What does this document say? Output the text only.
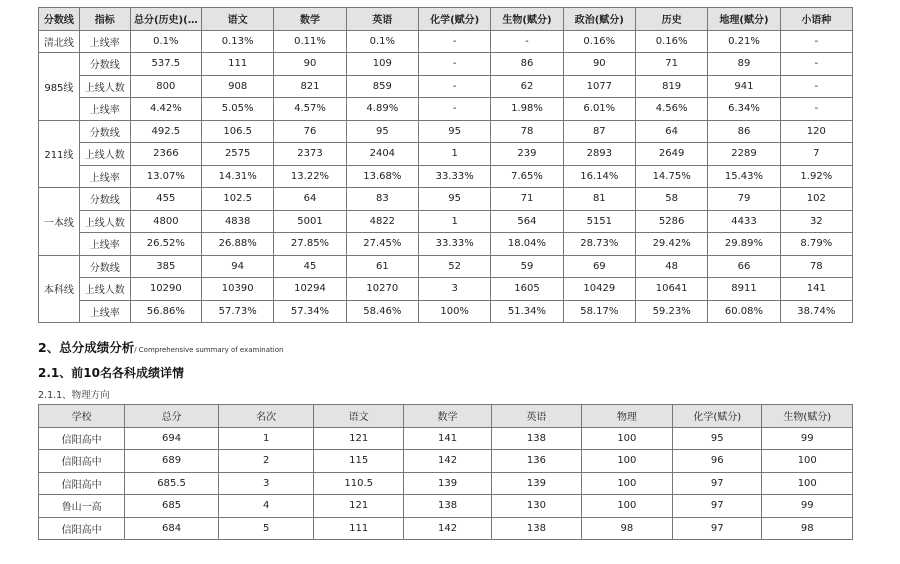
分数线	指标	总分(历史)(…	语文	数学	英语	化学(赋分)	生物(赋分)	政治(赋分)	历史	地理(赋分)	小语种
清北线	上线率	0.1%	0.13%	0.11%	0.1%	-	-	0.16%	0.16%	0.21%	-
985线	分数线	537.5	111	90	109	-	86	90	71	89	-
	上线人数	800	908	821	859	-	62	1077	819	941	-
	上线率	4.42%	5.05%	4.57%	4.89%	-	1.98%	6.01%	4.56%	6.34%	-
211线	分数线	492.5	106.5	76	95	95	78	87	64	86	120
	上线人数	2366	2575	2373	2404	1	239	2893	2649	2289	7
	上线率	13.07%	14.31%	13.22%	13.68%	33.33%	7.65%	16.14%	14.75%	15.43%	1.92%
一本线	分数线	455	102.5	64	83	95	71	81	58	79	102
	上线人数	4800	4838	5001	4822	1	564	5151	5286	4433	32
	上线率	26.52%	26.88%	27.85%	27.45%	33.33%	18.04%	28.73%	29.42%	29.89%	8.79%
本科线	分数线	385	94	45	61	52	59	69	48	66	78
	上线人数	10290	10390	10294	10270	3	1605	10429	10641	8911	141
	上线率	56.86%	57.73%	57.34%	58.46%	100%	51.34%	58.17%	59.23%	60.08%	38.74%
2、总分成绩分析/ Comprehensive summary of examination
2.1、前10名各科成绩详情
2.1.1、物理方向
学校	总分	名次	语文	数学	英语	物理	化学(赋分)	生物(赋分)
信阳高中	694	1	121	141	138	100	95	99
信阳高中	689	2	115	142	136	100	96	100
信阳高中	685.5	3	110.5	139	139	100	97	100
鲁山一高	685	4	121	138	130	100	97	99
信阳高中	684	5	111	142	138	98	97	98
